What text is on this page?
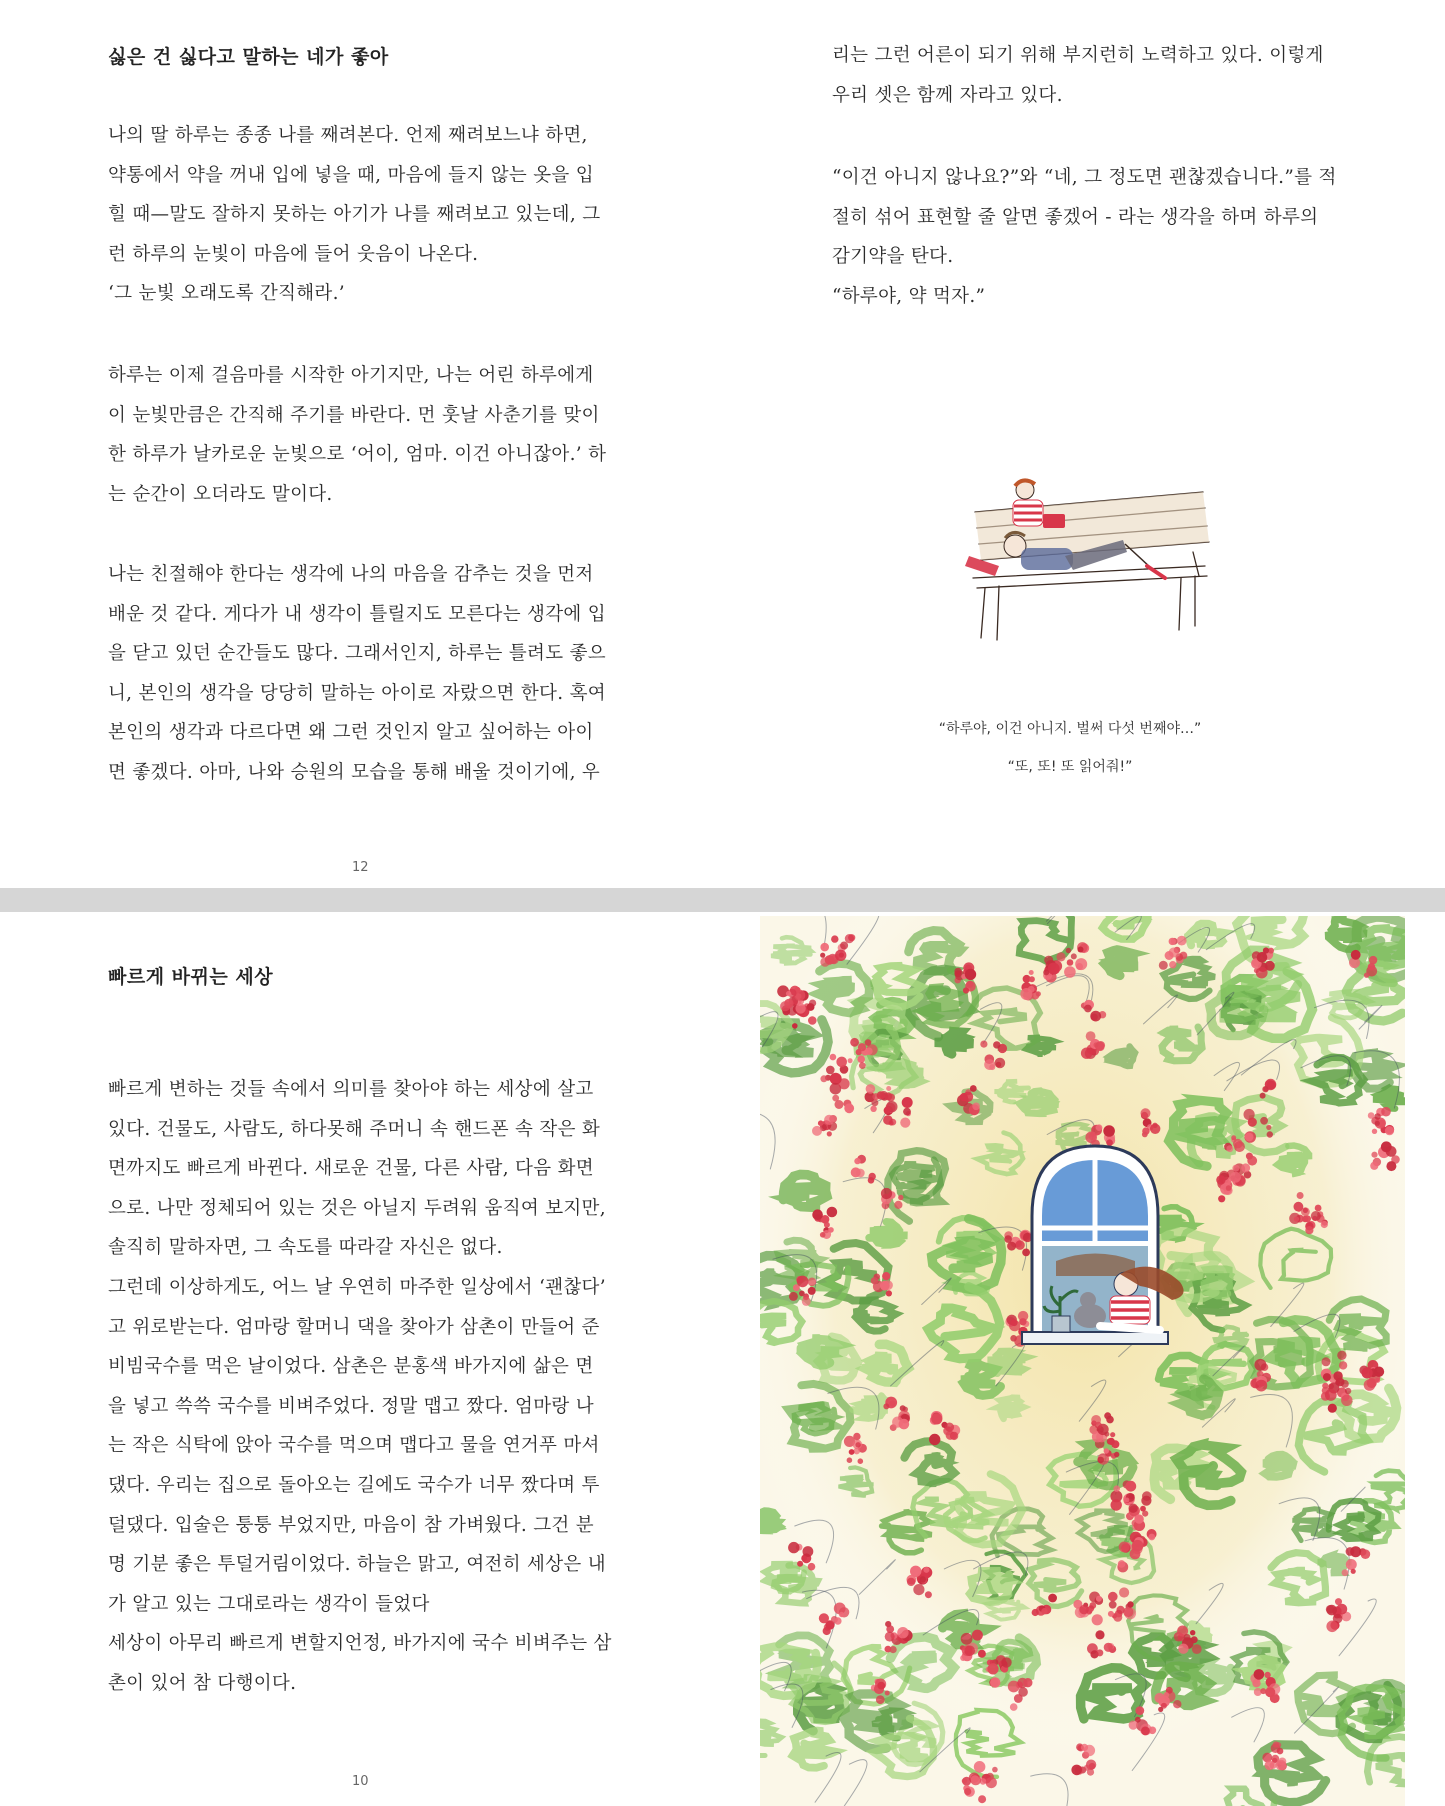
싫은 건 싫다고 말하는 네가 좋아
나의 딸 하루는 종종 나를 째려본다. 언제 째려보느냐 하면,
약통에서 약을 꺼내 입에 넣을 때, 마음에 들지 않는 옷을 입
힐 때—말도 잘하지 못하는 아기가 나를 째려보고 있는데, 그
런 하루의 눈빛이 마음에 들어 웃음이 나온다.
‘그 눈빛 오래도록 간직해라.’
하루는 이제 걸음마를 시작한 아기지만, 나는 어린 하루에게
이 눈빛만큼은 간직해 주기를 바란다. 먼 훗날 사춘기를 맞이
한 하루가 날카로운 눈빛으로 ‘어이, 엄마. 이건 아니잖아.’ 하
는 순간이 오더라도 말이다.
나는 친절해야 한다는 생각에 나의 마음을 감추는 것을 먼저
배운 것 같다. 게다가 내 생각이 틀릴지도 모른다는 생각에 입
을 닫고 있던 순간들도 많다. 그래서인지, 하루는 틀려도 좋으
니, 본인의 생각을 당당히 말하는 아이로 자랐으면 한다. 혹여
본인의 생각과 다르다면 왜 그런 것인지 알고 싶어하는 아이
면 좋겠다. 아마, 나와 승원의 모습을 통해 배울 것이기에, 우
12
리는 그런 어른이 되기 위해 부지런히 노력하고 있다. 이렇게
우리 셋은 함께 자라고 있다.
“이건 아니지 않나요?”와 “네, 그 정도면 괜찮겠습니다.”를 적
절히 섞어 표현할 줄 알면 좋겠어 - 라는 생각을 하며 하루의
감기약을 탄다.
“하루야, 약 먹자.”
“하루야, 이건 아니지. 벌써 다섯 번째야…”
“또, 또! 또 읽어줘!”
빠르게 바뀌는 세상
빠르게 변하는 것들 속에서 의미를 찾아야 하는 세상에 살고
있다. 건물도, 사람도, 하다못해 주머니 속 핸드폰 속 작은 화
면까지도 빠르게 바뀐다. 새로운 건물, 다른 사람, 다음 화면
으로. 나만 정체되어 있는 것은 아닐지 두려워 움직여 보지만,
솔직히 말하자면, 그 속도를 따라갈 자신은 없다.
그런데 이상하게도, 어느 날 우연히 마주한 일상에서 ‘괜찮다’
고 위로받는다. 엄마랑 할머니 댁을 찾아가 삼촌이 만들어 준
비빔국수를 먹은 날이었다. 삼촌은 분홍색 바가지에 삶은 면
을 넣고 쓱쓱 국수를 비벼주었다. 정말 맵고 짰다. 엄마랑 나
는 작은 식탁에 앉아 국수를 먹으며 맵다고 물을 연거푸 마셔
댔다. 우리는 집으로 돌아오는 길에도 국수가 너무 짰다며 투
덜댔다. 입술은 퉁퉁 부었지만, 마음이 참 가벼웠다. 그건 분
명 기분 좋은 투덜거림이었다. 하늘은 맑고, 여전히 세상은 내
가 알고 있는 그대로라는 생각이 들었다
세상이 아무리 빠르게 변할지언정, 바가지에 국수 비벼주는 삼
촌이 있어 참 다행이다.
10
